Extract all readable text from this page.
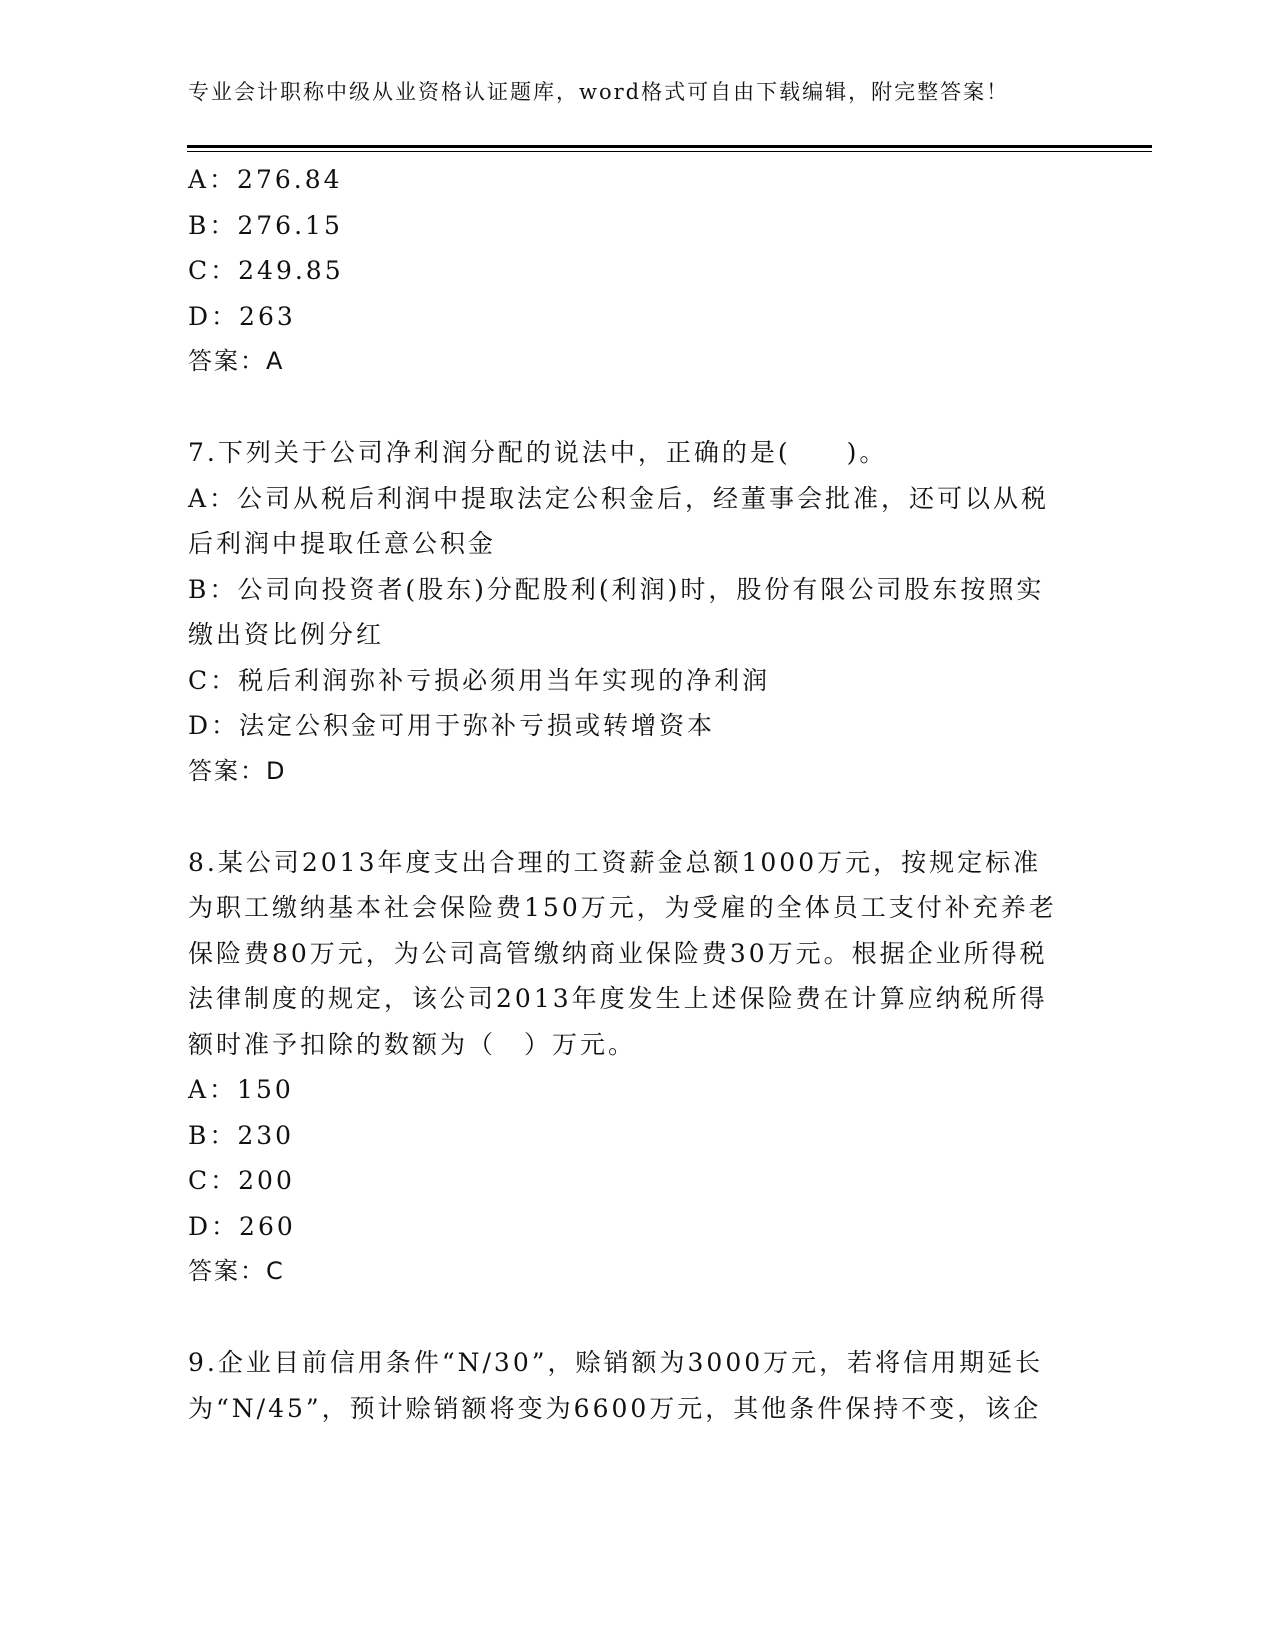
专业会计职称中级从业资格认证题库，word格式可自由下载编辑，附完整答案！

A：276.84

B：276.15

C：249.85

D：263

答案：A

7.下列关于公司净利润分配的说法中，正确的是(　　)。

A：公司从税后利润中提取法定公积金后，经董事会批准，还可以从税后利润中提取任意公积金

B：公司向投资者(股东)分配股利(利润)时，股份有限公司股东按照实缴出资比例分红

C：税后利润弥补亏损必须用当年实现的净利润

D：法定公积金可用于弥补亏损或转增资本

答案：D

8.某公司2013年度支出合理的工资薪金总额1000万元，按规定标准为职工缴纳基本社会保险费150万元，为受雇的全体员工支付补充养老保险费80万元，为公司高管缴纳商业保险费30万元。根据企业所得税法律制度的规定，该公司2013年度发生上述保险费在计算应纳税所得额时准予扣除的数额为（　）万元。

A：150

B：230

C：200

D：260

答案：C

9.企业目前信用条件“N/30”，赊销额为3000万元，若将信用期延长为“N/45”，预计赊销额将变为6600万元，其他条件保持不变，该企
